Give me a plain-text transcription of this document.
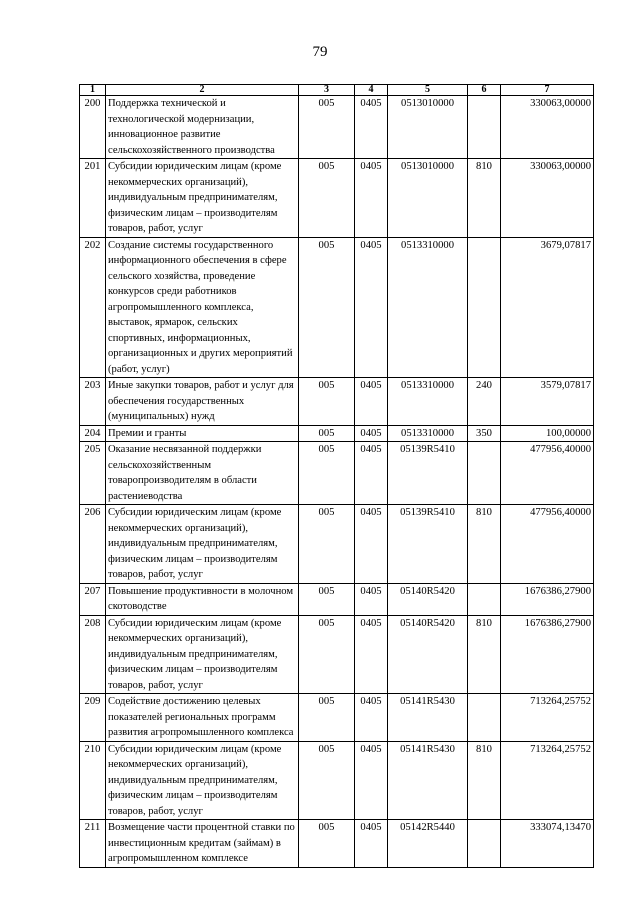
79
1	2	3	4	5	6	7
200	Поддержка технической и технологической модернизации, инновационное развитие сельскохозяйственного производства	005	0405	0513010000		330063,00000
201	Субсидии юридическим лицам (кроме некоммерческих организаций), индивидуальным предпринимателям, физическим лицам – производителям товаров, работ, услуг	005	0405	0513010000	810	330063,00000
202	Создание системы государственного информационного обеспечения в сфере сельского хозяйства, проведение конкурсов среди работников агропромышленного комплекса, выставок, ярмарок, сельских спортивных, информационных, организационных и других мероприятий (работ, услуг)	005	0405	0513310000		3679,07817
203	Иные закупки товаров, работ и услуг для обеспечения государственных (муниципальных) нужд	005	0405	0513310000	240	3579,07817
204	Премии и гранты	005	0405	0513310000	350	100,00000
205	Оказание несвязанной поддержки сельскохозяйственным товаропроизводителям в области растениеводства	005	0405	05139R5410		477956,40000
206	Субсидии юридическим лицам (кроме некоммерческих организаций), индивидуальным предпринимателям, физическим лицам – производителям товаров, работ, услуг	005	0405	05139R5410	810	477956,40000
207	Повышение продуктивности в молочном скотоводстве	005	0405	05140R5420		1676386,27900
208	Субсидии юридическим лицам (кроме некоммерческих организаций), индивидуальным предпринимателям, физическим лицам – производителям товаров, работ, услуг	005	0405	05140R5420	810	1676386,27900
209	Содействие достижению целевых показателей региональных программ развития агропромышленного комплекса	005	0405	05141R5430		713264,25752
210	Субсидии юридическим лицам (кроме некоммерческих организаций), индивидуальным предпринимателям, физическим лицам – производителям товаров, работ, услуг	005	0405	05141R5430	810	713264,25752
211	Возмещение части процентной ставки по инвестиционным кредитам (займам) в агропромышленном комплексе	005	0405	05142R5440		333074,13470
